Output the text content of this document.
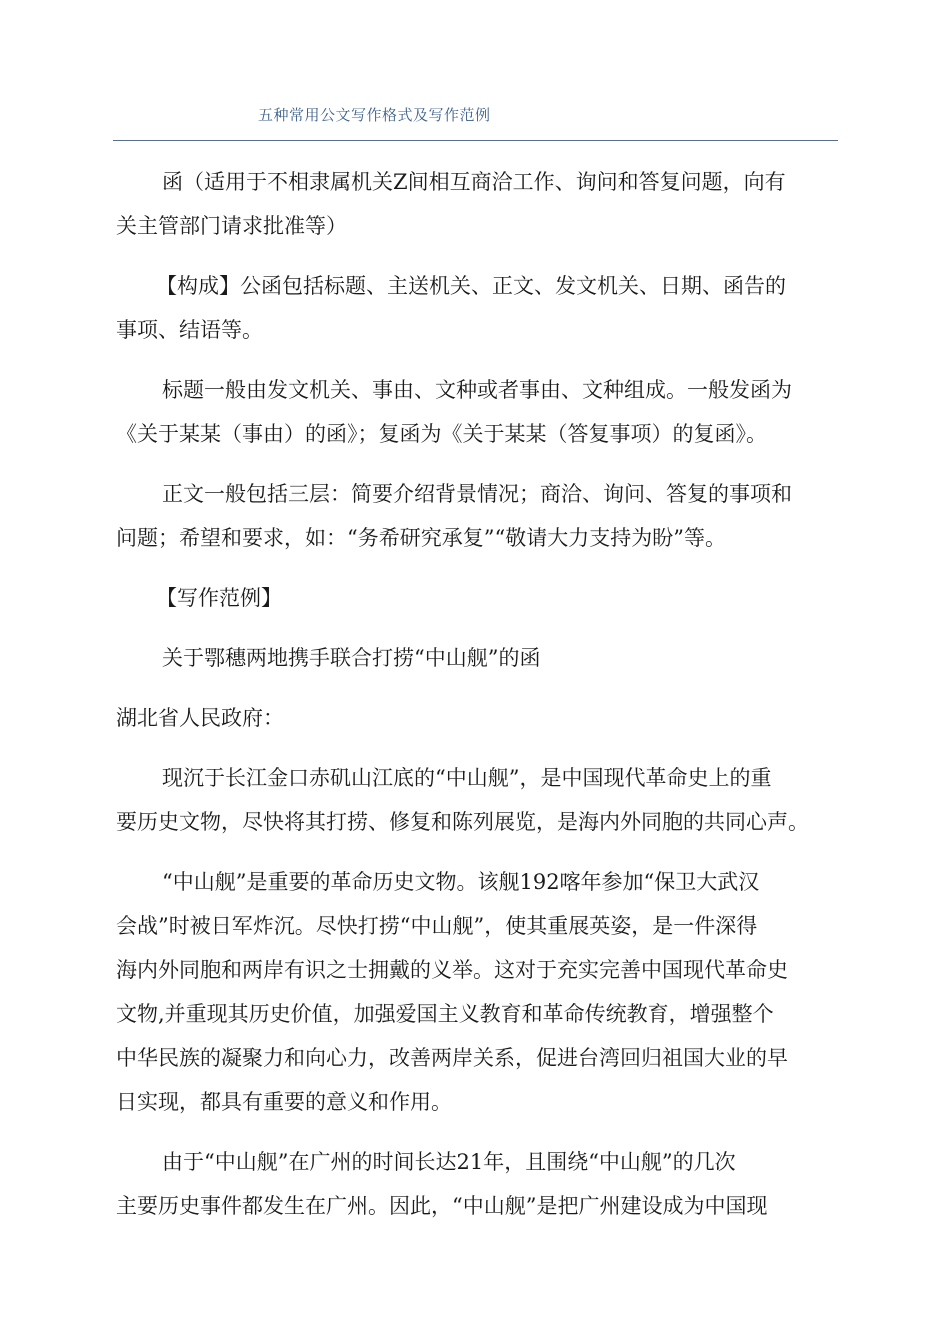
五种常用公文写作格式及写作范例

函（适用于不相隶属机关Z间相互商洽工作、询问和答复问题，向有
关主管部门请求批准等）

【构成】公函包括标题、主送机关、正文、发文机关、日期、函告的
事项、结语等。

标题一般由发文机关、事由、文种或者事由、文种组成。一般发函为
《关于某某（事由）的函》；复函为《关于某某（答复事项）的复函》。

正文一般包括三层：简要介绍背景情况；商洽、询问、答复的事项和
问题；希望和要求，如：“务希研究承复”“敬请大力支持为盼”等。

【写作范例】

关于鄂穗两地携手联合打捞“中山舰”的函

湖北省人民政府：

现沉于长江金口赤矶山江底的“中山舰”，是中国现代革命史上的重
要历史文物，尽快将其打捞、修复和陈列展览，是海内外同胞的共同心声。

“中山舰”是重要的革命历史文物。该舰192喀年参加“保卫大武汉
会战”时被日军炸沉。尽快打捞“中山舰”，使其重展英姿，是一件深得
海内外同胞和两岸有识之士拥戴的义举。这对于充实完善中国现代革命史
文物,并重现其历史价值，加强爱国主义教育和革命传统教育，增强整个
中华民族的凝聚力和向心力，改善两岸关系，促进台湾回归祖国大业的早
日实现，都具有重要的意义和作用。

由于“中山舰”在广州的时间长达21年，且围绕“中山舰”的几次
主要历史事件都发生在广州。因此，“中山舰”是把广州建设成为中国现
